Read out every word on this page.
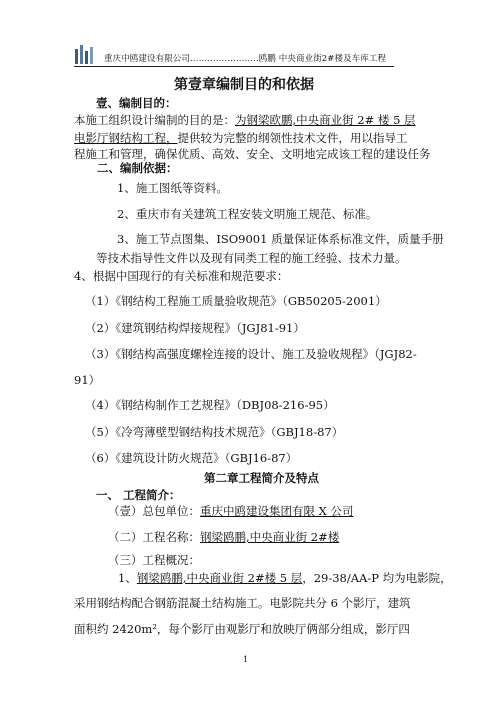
重庆中鸥建设有限公司……………………鸥鹏 中央商业街2#楼及车库工程
第壹章编制目的和依据
壹、编制目的：
本施工组织设计编制的目的是：为钢梁欧鹏,中央商业街 2# 楼 5 层
电影厅钢结构工程，提供较为完整的纲领性技术文件，用以指导工
程施工和管理，确保优质、高效、安全、文明地完成该工程的建设任务
二、编制依据：
1、施工图纸等资料。
2、重庆市有关建筑工程安装文明施工规范、标准。
3、施工节点图集、ISO9001 质量保证体系标准文件，质量手册
等技术指导性文件以及现有同类工程的施工经验、技术力量。
4、根据中国现行的有关标准和规范要求：
（1）《钢结构工程施工质量验收规范》（GB50205-2001）
（2）《建筑钢结构焊接规程》（JGJ81-91）
（3）《钢结构高强度螺栓连接的设计、施工及验收规程》（JGJ82-
91）
（4）《钢结构制作工艺规程》（DBJ08-216-95）
（5）《冷弯薄壁型钢结构技术规范》（GBJ18-87）
（6）《建筑设计防火规范》（GBJ16-87）
第二章工程简介及特点
一、 工程简介：
（壹）总包单位：重庆中鸥建设集团有限 X 公司
（二）工程名称：钢梁鸥鹏,中央商业街 2#楼
（三）工程概况：
1、钢梁鸥鹏,中央商业街 2#楼 5 层，29-38/AA-P 均为电影院，
采用钢结构配合钢筋混凝土结构施工。电影院共分 6 个影厅，建筑
面积约 2420m²，每个影厅由观影厅和放映厅俩部分组成，影厅四
1
